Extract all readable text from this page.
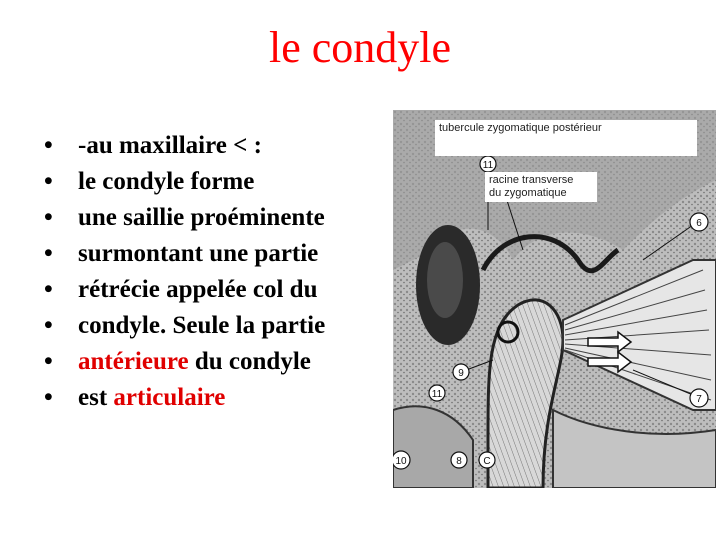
le condyle
• -au maxillaire < :
• le condyle forme
• une saillie proéminente
• surmontant une partie
• rétrécie appelée col du
• condyle. Seule la partie
• antérieure du condyle
• est articulaire
11
6
9
11	7
10	8 C
tubercule zygomatique postérieur
racine transverse
du zygomatique
